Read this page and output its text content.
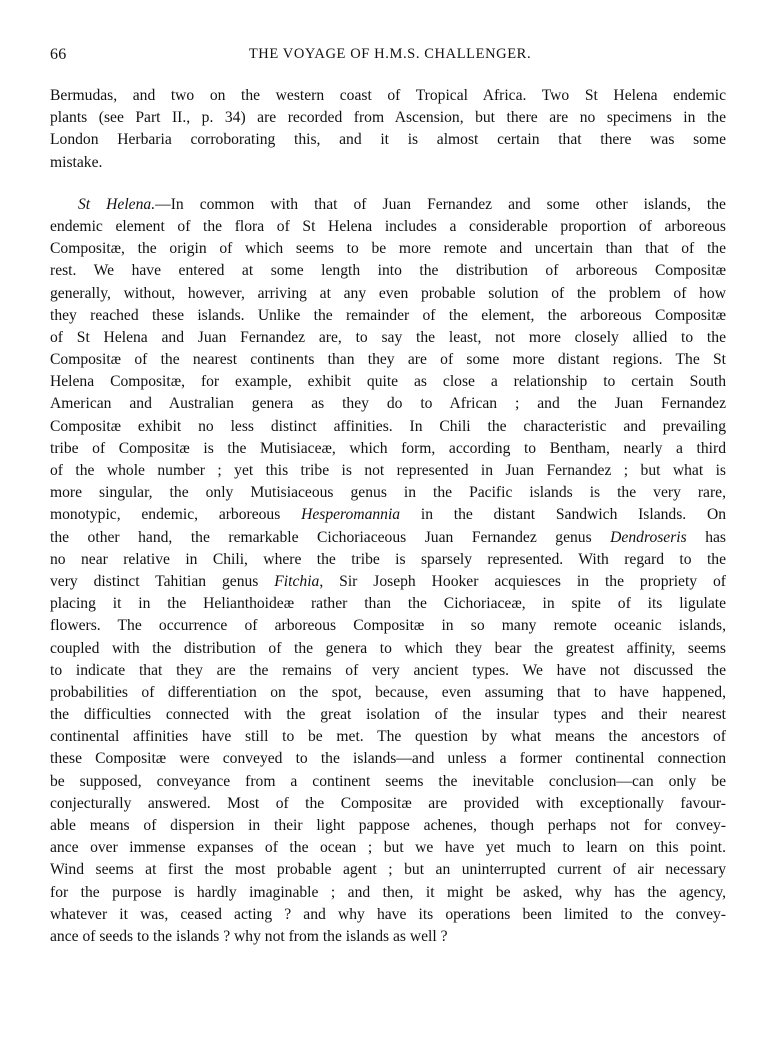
66	THE VOYAGE OF H.M.S. CHALLENGER.
Bermudas, and two on the western coast of Tropical Africa. Two St Helena endemic
plants (see Part II., p. 34) are recorded from Ascension, but there are no specimens in the
London Herbaria corroborating this, and it is almost certain that there was some
mistake.
St Helena.—In common with that of Juan Fernandez and some other islands, the
endemic element of the flora of St Helena includes a considerable proportion of arboreous
Compositæ, the origin of which seems to be more remote and uncertain than that of the
rest. We have entered at some length into the distribution of arboreous Compositæ
generally, without, however, arriving at any even probable solution of the problem of how
they reached these islands. Unlike the remainder of the element, the arboreous Compositæ
of St Helena and Juan Fernandez are, to say the least, not more closely allied to the
Compositæ of the nearest continents than they are of some more distant regions. The St
Helena Compositæ, for example, exhibit quite as close a relationship to certain South
American and Australian genera as they do to African ; and the Juan Fernandez
Compositæ exhibit no less distinct affinities. In Chili the characteristic and prevailing
tribe of Compositæ is the Mutisiaceæ, which form, according to Bentham, nearly a third
of the whole number ; yet this tribe is not represented in Juan Fernandez ; but what is
more singular, the only Mutisiaceous genus in the Pacific islands is the very rare,
monotypic, endemic, arboreous Hesperomannia in the distant Sandwich Islands. On
the other hand, the remarkable Cichoriaceous Juan Fernandez genus Dendroseris has
no near relative in Chili, where the tribe is sparsely represented. With regard to the
very distinct Tahitian genus Fitchia, Sir Joseph Hooker acquiesces in the propriety of
placing it in the Helianthoideæ rather than the Cichoriaceæ, in spite of its ligulate
flowers. The occurrence of arboreous Compositæ in so many remote oceanic islands,
coupled with the distribution of the genera to which they bear the greatest affinity, seems
to indicate that they are the remains of very ancient types. We have not discussed the
probabilities of differentiation on the spot, because, even assuming that to have happened,
the difficulties connected with the great isolation of the insular types and their nearest
continental affinities have still to be met. The question by what means the ancestors of
these Compositæ were conveyed to the islands—and unless a former continental connection
be supposed, conveyance from a continent seems the inevitable conclusion—can only be
conjecturally answered. Most of the Compositæ are provided with exceptionally favour-
able means of dispersion in their light pappose achenes, though perhaps not for convey-
ance over immense expanses of the ocean ; but we have yet much to learn on this point.
Wind seems at first the most probable agent ; but an uninterrupted current of air necessary
for the purpose is hardly imaginable ; and then, it might be asked, why has the agency,
whatever it was, ceased acting ? and why have its operations been limited to the convey-
ance of seeds to the islands ? why not from the islands as well ?
